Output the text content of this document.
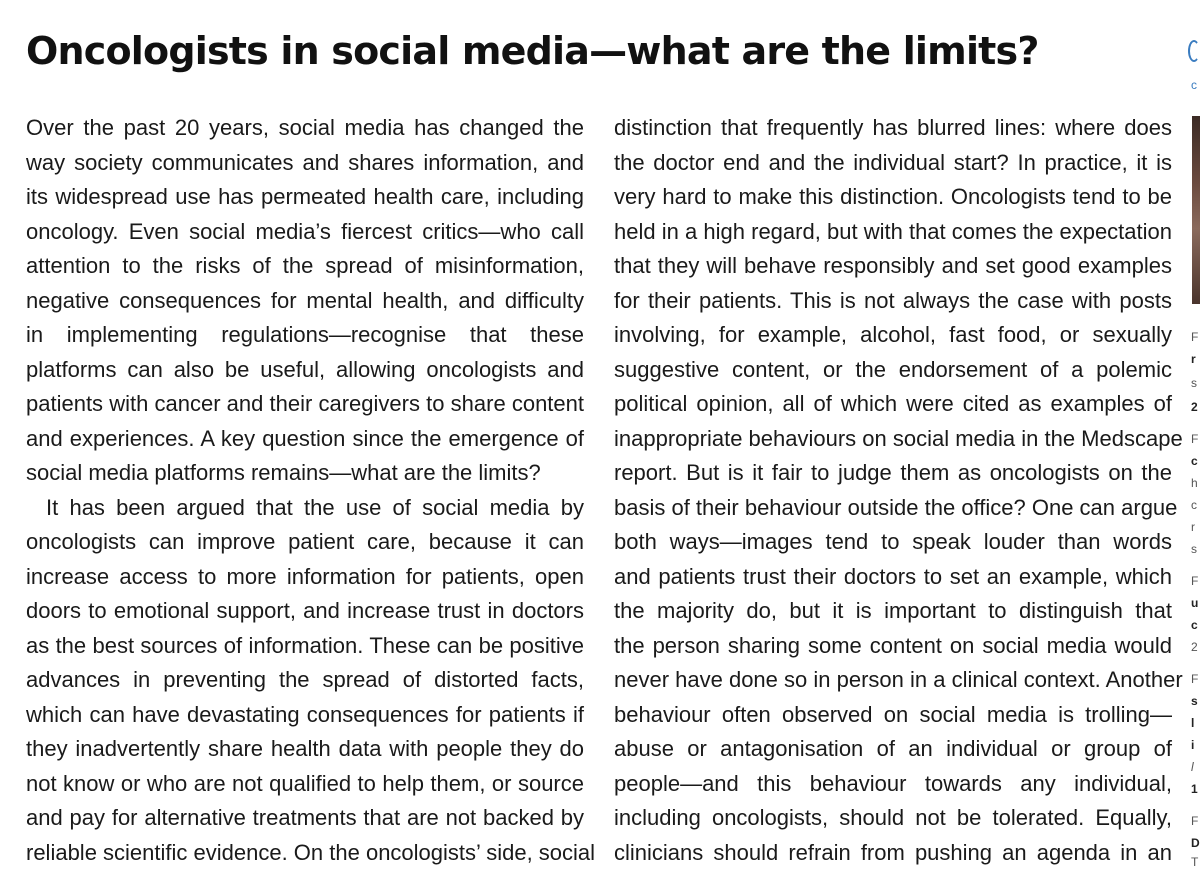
Oncologists in social media—what are the limits?
Over the past 20 years, social media has changed the
way society communicates and shares information, and
its widespread use has permeated health care, including
oncology. Even social media’s fiercest critics—who call
attention to the risks of the spread of misinformation,
negative consequences for mental health, and difficulty
in implementing regulations—recognise that these
platforms can also be useful, allowing oncologists and
patients with cancer and their caregivers to share content
and experiences. A key question since the emergence of
social media platforms remains—what are the limits?
It has been argued that the use of social media by
oncologists can improve patient care, because it can
increase access to more information for patients, open
doors to emotional support, and increase trust in doctors
as the best sources of information. These can be positive
advances in preventing the spread of distorted facts,
which can have devastating consequences for patients if
they inadvertently share health data with people they do
not know or who are not qualified to help them, or source
and pay for alternative treatments that are not backed by
reliable scientific evidence. On the oncologists’ side, social
distinction that frequently has blurred lines: where does
the doctor end and the individual start? In practice, it is
very hard to make this distinction. Oncologists tend to be
held in a high regard, but with that comes the expectation
that they will behave responsibly and set good examples
for their patients. This is not always the case with posts
involving, for example, alcohol, fast food, or sexually
suggestive content, or the endorsement of a polemic
political opinion, all of which were cited as examples of
inappropriate behaviours on social media in the Medscape
report. But is it fair to judge them as oncologists on the
basis of their behaviour outside the office? One can argue
both ways—images tend to speak louder than words
and patients trust their doctors to set an example, which
the majority do, but it is important to distinguish that
the person sharing some content on social media would
never have done so in person in a clinical context. Another
behaviour often observed on social media is trolling—
abuse or antagonisation of an individual or group of
people—and this behaviour towards any individual,
including oncologists, should not be tolerated. Equally,
clinicians should refrain from pushing an agenda in an
c
F
r
s
2
F
c
h
c
r
s
F
u
c
2
F
s
l
i
l
1
F
D
T
